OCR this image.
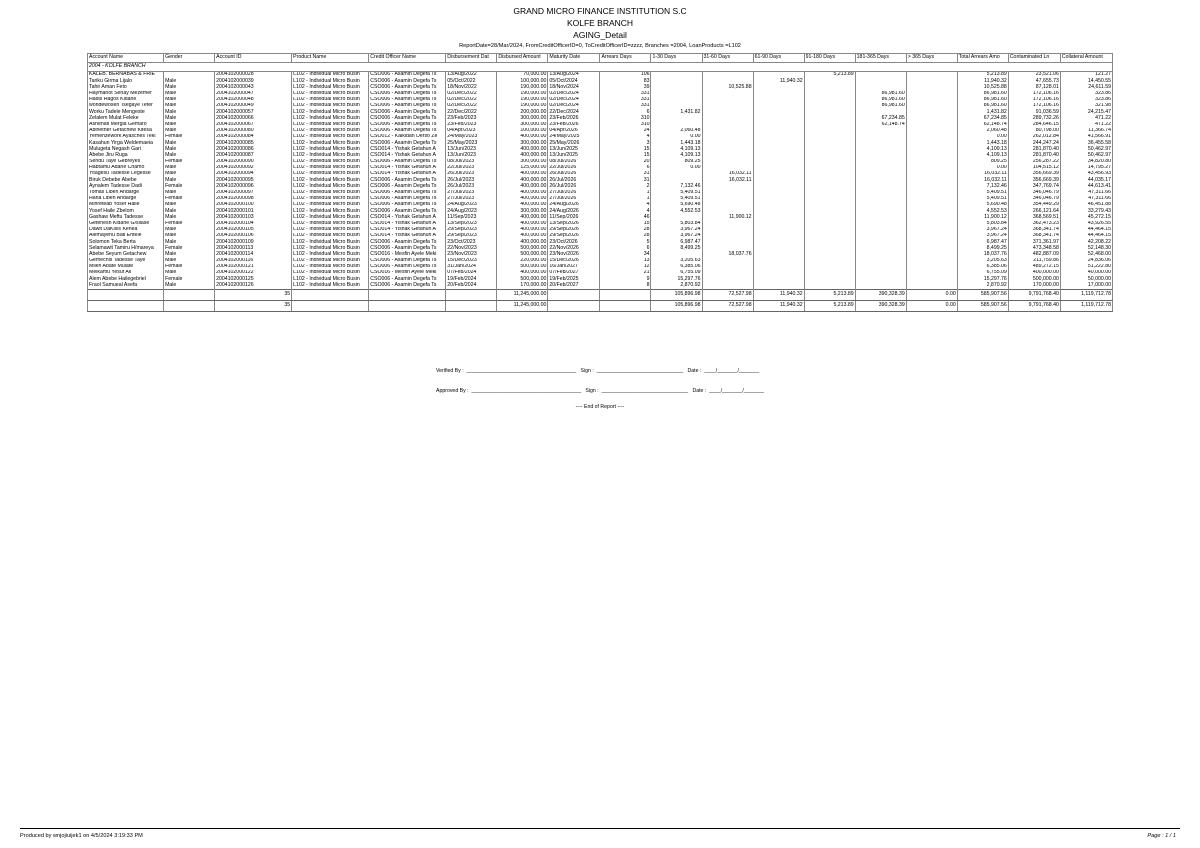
GRAND MICRO FINANCE INSTITUTION S.C
KOLFE BRANCH
AGING_Detail
ReportDate=28/Mar/2024, FromCreditOfficerID=0, ToCreditOfficerID=zzzz, Branches =2004, LoanProducts =L102
Account Name	Gender	Account ID	Product Name	Credit Officer Name	Disbursement Dat	Disbursed Amount	Maturity Date	Arrears Days	1-30 Days	31-60 Days	61-90 Days	91-180 Days	181-365 Days	> 365 Days	Total Arrears Amo	Contaminated Ln	Collateral Amount
2004 - KOLFE BRANCH																	
KALEB. BERNABAS & FRIE		2004102000028	L102 - Individual Micro Busin	CSO006 - Asamin Degefa Ts	13/Aug/2022	70,000.00	13/Aug/2024	106				5,213.89			5,213.89	23,521.06	121.27
Tariku Girma Lijalo	Male	2004102000039	L102 - Individual Micro Busin	CSO006 - Asamin Degefa Ts	05/Oct/2022	100,000.00	05/Oct/2024	83			11,940.32				11,940.32	47,655.73	14,450.55
Tahir Aman Feto	Male	2004102000043	L102 - Individual Micro Busin	CSO006 - Asamin Degefa Ts	18/Nov/2022	190,000.00	18/Nov/2024	39		10,525.88					10,525.88	87,128.01	24,611.59
Haymanot Senay Mezemer	Male	2004102000047	L102 - Individual Micro Busin	CSO006 - Asamin Degefa Ts	02/Dec/2022	190,000.00	02/Dec/2024	331					86,981.60		86,981.60	172,106.16	323.86
Hadis Hagos Kidane	Male	2004102000048	L102 - Individual Micro Busin	CSO006 - Asamin Degefa Ts	02/Dec/2022	190,000.00	02/Dec/2024	331					86,981.60		86,981.60	172,106.16	323.86
wondewosen Tsegaye Tefer	Male	2004102000049	L102 - Individual Micro Busin	CSO006 - Asamin Degefa Ts	02/Dec/2022	190,000.00	02/Dec/2024	331					86,981.60		86,981.60	172,106.16	321.98
Worku Tadele Mengeste	Male	2004102000057	L102 - Individual Micro Busin	CSO006 - Asamin Degefa Ts	22/Dec/2022	200,000.00	22/Dec/2024	6	1,431.82						1,431.82	91,036.59	24,215.47
Zelalem Mulat Feleke	Male	2004102000066	L102 - Individual Micro Busin	CSO006 - Asamin Degefa Ts	23/Feb/2023	300,000.00	23/Feb/2026	310					67,234.85		67,234.85	289,732.26	471.22
Ashenafi Mergia Gemaro	Male	2004102000067	L102 - Individual Micro Busin	CSO006 - Asamin Degefa Ts	23/Feb/2023	300,000.00	23/Feb/2026	310					62,148.74		62,148.74	284,646.15	471.22
Abinether Getachew Kitesa	Male	2004102000080	L102 - Individual Micro Busin	CSO006 - Asamin Degefa Ts	04/Apr/2023	100,000.00	04/Apr/2026	24	2,060.48						2,060.48	80,798.00	11,366.74
Yemenzework Ayasches Tekl	Female	2004102000084	L102 - Individual Micro Busin	CSO012 - Kalkidan Derso Ze	24/May/2023	400,000.00	24/May/2025	4	0.00						0.00	262,012.84	41,566.91
Kasahun Yirga Weldemaeia	Male	2004102000085	L102 - Individual Micro Busin	CSO006 - Asamin Degefa Ts	25/May/2023	300,000.00	25/May/2026	3	1,443.18						1,443.18	244,247.24	36,455.58
Mulugeta Negash Gari	Male	2004102000086	L102 - Individual Micro Busin	CSO014 - Yishak Getahun A	13/Jun/2023	400,000.00	13/Jun/2025	15	4,109.13						4,109.13	281,870.40	50,462.97
Abebe Jiru Ruga	Male	2004102000087	L102 - Individual Micro Busin	CSO014 - Yishak Getahun A	13/Jun/2023	400,000.00	13/Jun/2025	15	4,109.13						4,109.13	281,870.40	50,462.97
Sendu Taye Gebreyes	Female	2004102000090	L102 - Individual Micro Busin	CSO006 - Asamin Degefa Ts	08/Jul/2023	300,000.00	08/Jul/2026	20	809.25						809.25	256,287.22	34,820.80
Habtamu Adane Chamo	Male	2004102000092	L102 - Individual Micro Busin	CSO014 - Yishak Getahun A	22/Jul/2023	125,000.00	22/Jul/2026	6	0.00						0.00	104,515.12	14,795.27
Yitagesu Tadesse Legesse	Male	2004102000094	L102 - Individual Micro Busin	CSO014 - Yishak Getahun A	26/Jul/2023	400,000.00	26/Jul/2026	31		16,032.11					16,032.11	356,669.39	43,456.93
Biruk Debebe Abebe	Male	2004102000095	L102 - Individual Micro Busin	CSO006 - Asamin Degefa Ts	26/Jul/2023	400,000.00	26/Jul/2026	31		16,032.11					16,032.11	356,669.39	44,035.17
Aynalem Tadesse Dadi	Female	2004102000096	L102 - Individual Micro Busin	CSO006 - Asamin Degefa Ts	26/Jul/2023	400,000.00	26/Jul/2026	2	7,132.46						7,132.46	347,769.74	44,613.41
Tomas Liben Andarge	Male	2004102000097	L102 - Individual Micro Busin	CSO006 - Asamin Degefa Ts	27/Jul/2023	400,000.00	27/Jul/2026	1	5,409.51						5,409.51	346,046.79	47,311.66
Hana Liben Andarge	Female	2004102000098	L102 - Individual Micro Busin	CSO006 - Asamin Degefa Ts	27/Jul/2023	400,000.00	27/Jul/2026	1	5,409.51						5,409.51	346,046.79	47,311.66
Mihreteab Yosef Haile	Male	2004102000100	L102 - Individual Micro Busin	CSO006 - Asamin Degefa Ts	24/Aug/2023	400,000.00	24/Aug/2026	4	5,690.48						5,690.48	354,449.29	46,451.88
Yosef Haile Zbelom	Male	2004102000101	L102 - Individual Micro Busin	CSO006 - Asamin Degefa Ts	24/Aug/2023	300,000.00	24/Aug/2026	4	4,552.53						4,552.53	266,121.64	33,279.43
Gashaw Meftu Tadesse	Male	2004102000103	L102 - Individual Micro Busin	CSO014 - Yishak Getahun A	11/Sep/2023	400,000.00	11/Sep/2026	46		11,900.12					11,900.12	368,569.51	45,272.15
Getenesh Kidane G/silase	Female	2004102000104	L102 - Individual Micro Busin	CSO014 - Yishak Getahun A	13/Sep/2023	400,000.00	13/Sep/2026	15	5,803.84						5,803.84	362,473.23	43,926.55
Dawit DaKisis Kenea	Male	2004102000105	L102 - Individual Micro Busin	CSO014 - Yishak Getahun A	29/Sep/2023	400,000.00	29/Sep/2026	28	3,967.24						3,967.24	368,341.74	44,464.15
Alemayehu Bati Entele	Male	2004102000106	L102 - Individual Micro Busin	CSO014 - Yishak Getahun A	29/Sep/2023	400,000.00	29/Sep/2026	28	3,967.24						3,967.24	368,341.74	44,464.15
Solomon Teka Berta	Male	2004102000109	L102 - Individual Micro Busin	CSO006 - Asamin Degefa Ts	23/Oct/2023	400,000.00	23/Oct/2026	5	6,987.47						6,987.47	371,361.97	42,208.22
Selamawit Tamiru H/mareya	Female	2004102000113	L102 - Individual Micro Busin	CSO006 - Asamin Degefa Ts	22/Nov/2023	500,000.00	22/Nov/2026	6	8,499.25						8,499.25	473,348.58	52,148.30
Abebe Seyum Getachew	Male	2004102000114	L102 - Individual Micro Busin	CSO016 - Mesfin Ayele Meki	23/Nov/2023	500,000.00	23/Nov/2026	34		18,037.76					18,037.76	482,887.09	52,468.00
Gemechis Tadesse Taye	Male	2004102000116	L102 - Individual Micro Busin	CSO006 - Asamin Degefa Ts	15/Dec/2023	220,000.00	15/Dec/2026	13	3,205.63						3,205.63	211,759.86	24,836.06
Milen Abate Mulate	Female	2004102000121	L102 - Individual Micro Busin	CSO006 - Asamin Degefa Ts	31/Jan/2024	500,000.00	16/Jan/2027	12	6,385.06						6,385.06	489,272.15	51,222.80
Melkamu Yesuf Ali	Male	2004102000122	L102 - Individual Micro Busin	CSO016 - Mesfin Ayele Meki	07/Feb/2024	400,000.00	07/Feb/2027	21	6,755.09						6,755.09	400,000.00	40,000.00
Alem Abebe Hailegebriel	Female	2004102000125	L102 - Individual Micro Busin	CSO006 - Asamin Degefa Ts	19/Feb/2024	500,000.00	19/Feb/2025	9	15,297.76						15,297.76	500,000.00	50,000.00
Fraol Samueal Asefa	Male	2004102000126	L102 - Individual Micro Busin	CSO006 - Asamin Degefa Ts	20/Feb/2024	170,000.00	20/Feb/2027	8	2,870.92						2,870.92	170,000.00	17,000.00
		35				11,245,000.00			105,896.98	72,527.98	11,940.32	5,213.89	390,328.39	0.00	585,907.56	9,791,768.40	1,119,712.78
		35				11,245,000.00			105,896.98	72,527.98	11,940.32	5,213.89	390,328.39	0.00	585,907.56	9,791,768.40	1,119,712.78
Verified By :  ______________________________________   Sign :  ______________________________   Date :  ____/_______/_______
Approved By :  ______________________________________   Sign :  ______________________________   Date :  ____/_______/_______
---- End of Report ----
Produced by wnjojiuijek1 on 4/5/2024 3:19:33 PM	Page : 1 / 1
